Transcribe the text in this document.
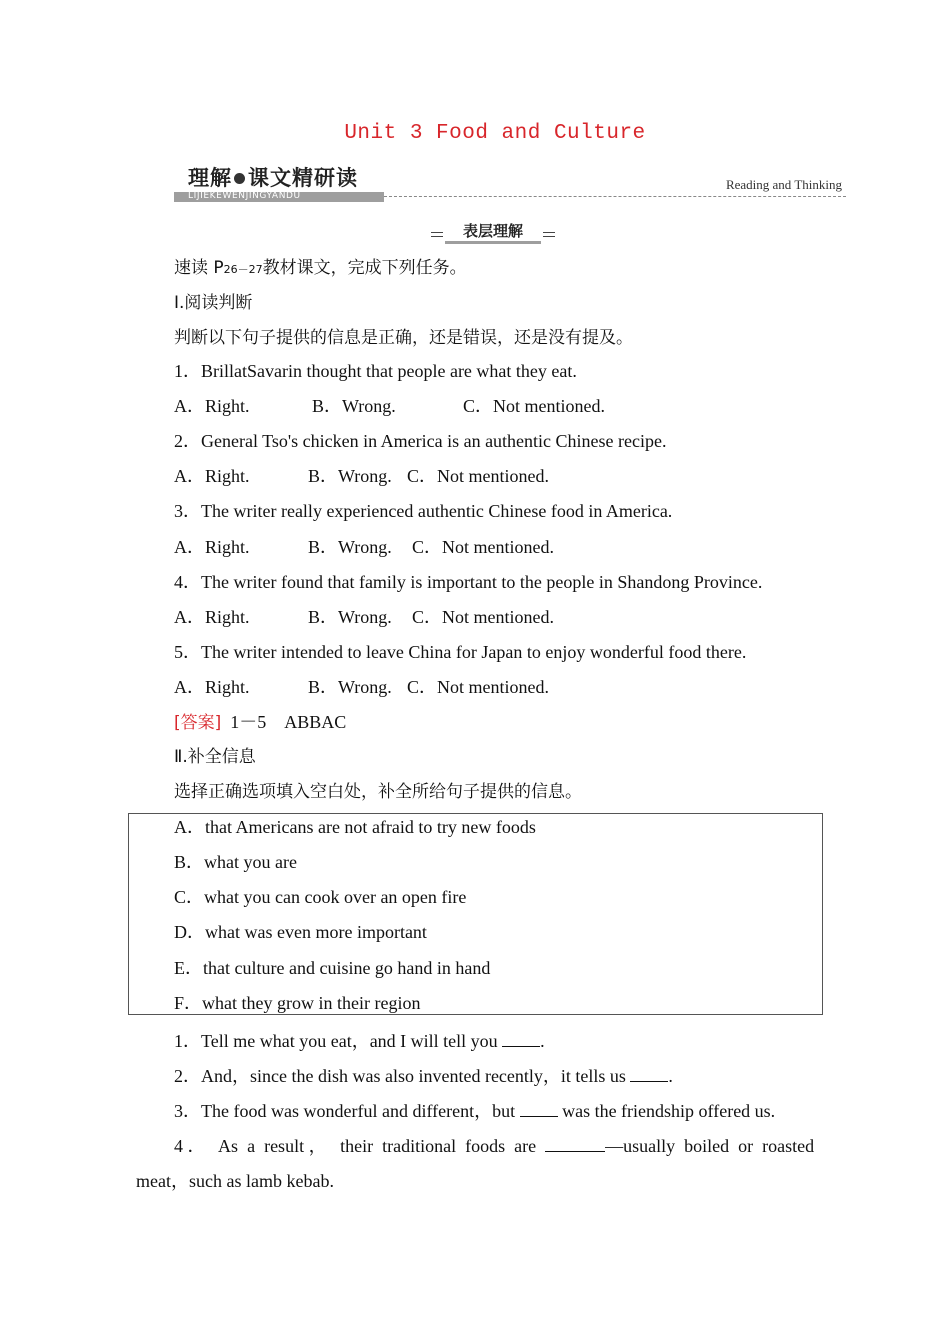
Unit 3 Food and Culture
理解 课文精研读
LIJIEKEWENJINGYANDU
Reading and Thinking
表层理解
速读 P26－27教材课文，完成下列任务。
Ⅰ.阅读判断
判断以下句子提供的信息是正确，还是错误，还是没有提及。
1．BrillatSavarin thought that people are what they eat.
A．Right.	B．Wrong.	C．Not mentioned.
2．General Tso's chicken in America is an authentic Chinese recipe.
A．Right.	B．Wrong. C．Not mentioned.
3．The writer really experienced authentic Chinese food in America.
A．Right.	B．Wrong. C．Not mentioned.
4．The writer found that family is important to the people in Shandong Province.
A．Right.	B．Wrong. C．Not mentioned.
5．The writer intended to leave China for Japan to enjoy wonderful food there.
A．Right.	B．Wrong. C．Not mentioned.
[答案] 1－5　ABBAC
Ⅱ.补全信息
选择正确选项填入空白处，补全所给句子提供的信息。
A．that Americans are not afraid to try new foods
B．what you are
C．what you can cook over an open fire
D．what was even more important
E．that culture and cuisine go hand in hand
F．what they grow in their region
1．Tell me what you eat，and I will tell you .
2．And，since the dish was also invented recently，it tells us .
3．The food was wonderful and different，but  was the friendship offered us.
4． As a result， their traditional foods are	—usually boiled or roasted
meat，such as lamb kebab.
